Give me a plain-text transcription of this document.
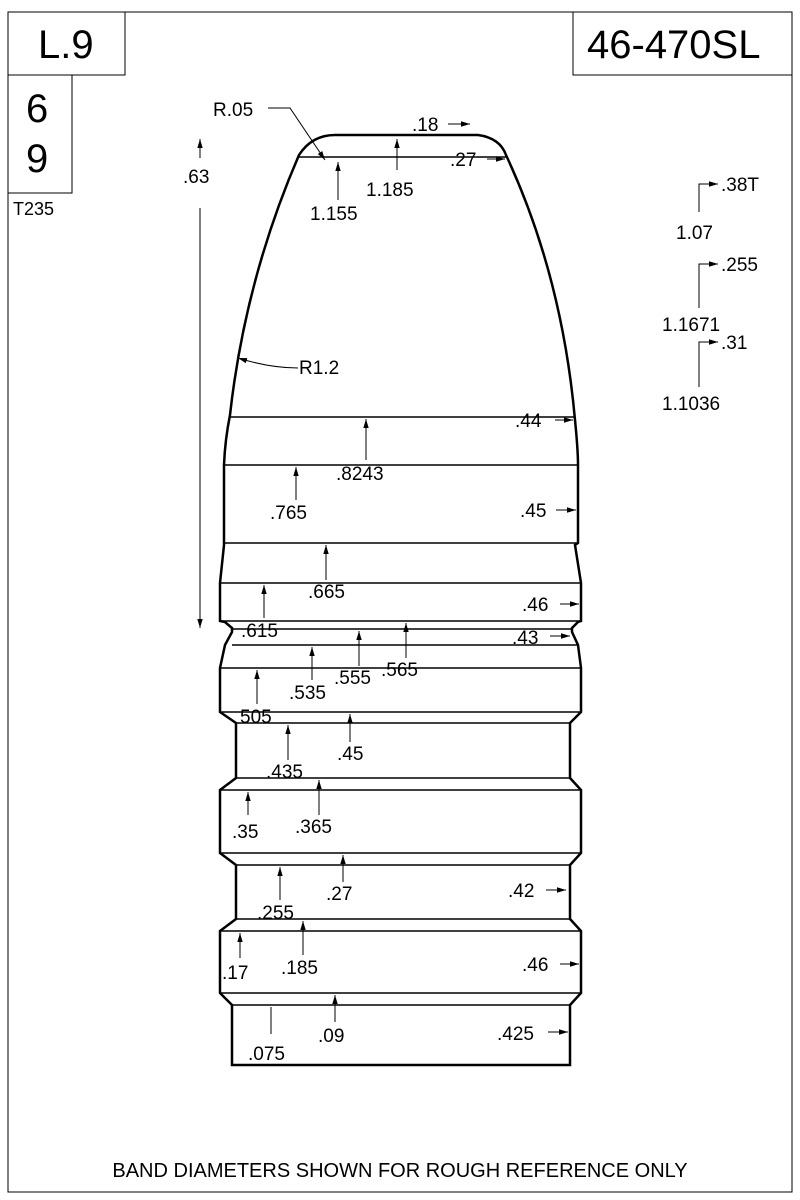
L.9	46-470SL
6
9
T235
R.05
.18
.27
1.185
1.155
.63
R1.2
.44
.8243
.765	.45
.665
.46
.615	.43
.565
.555
.535
505
.45
.435
.365
.35
.27	.42
.255
.185
.17	.46
.09	.425
.075
.38T
1.07
.255
1.1671
.31
1.1036
BAND DIAMETERS SHOWN FOR ROUGH REFERENCE ONLY
